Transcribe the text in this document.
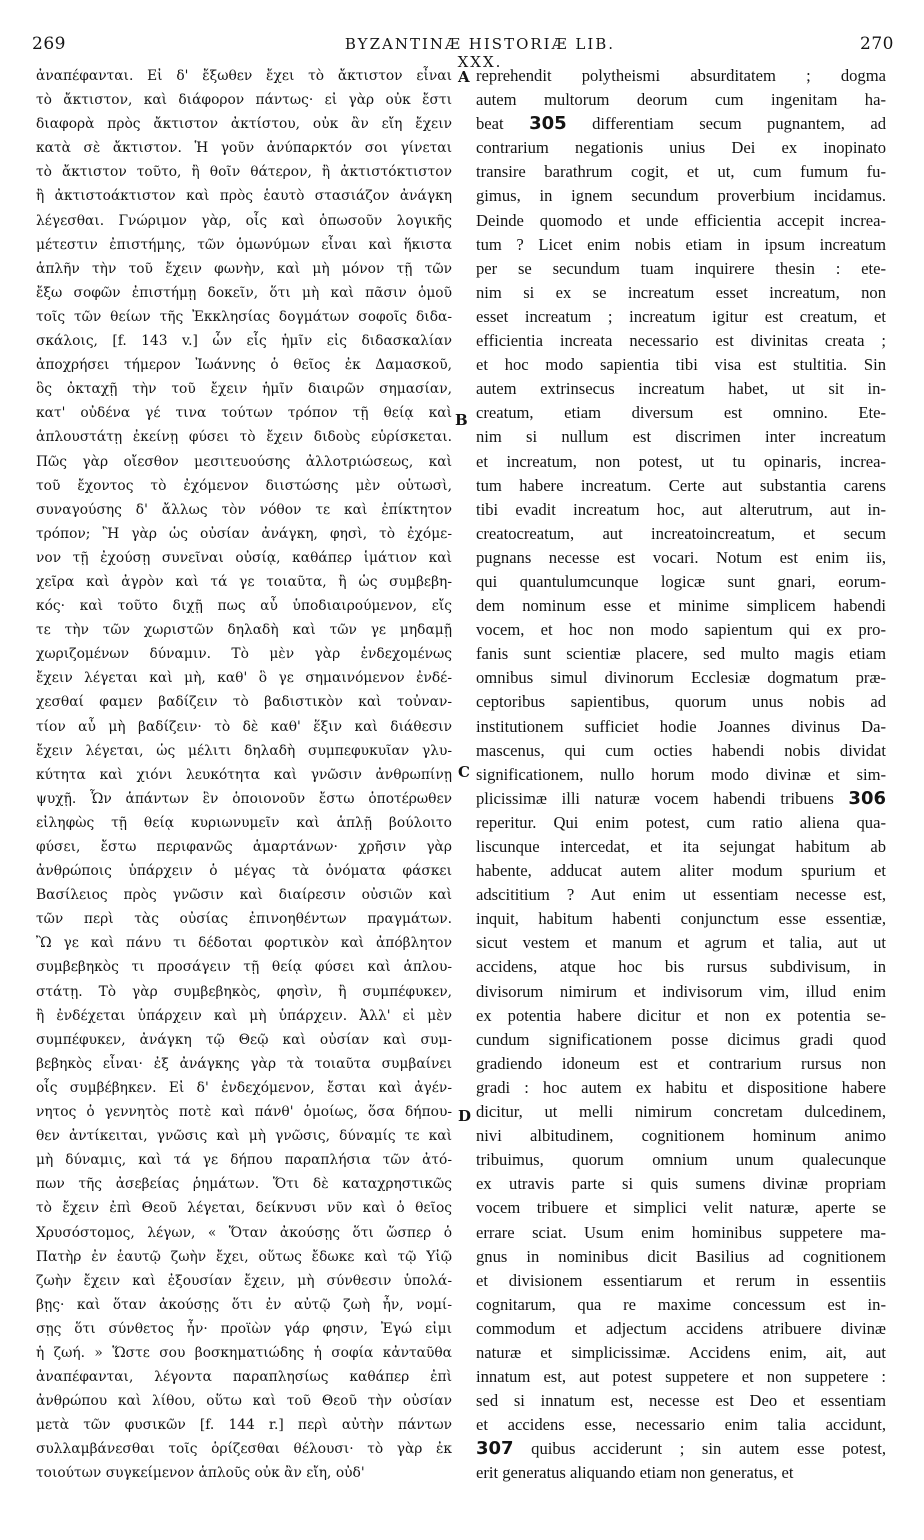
269	BYZANTINÆ HISTORIÆ LIB. XXX.
270
ἀναπέφανται. Εἰ δ' ἔξωθεν ἔχει τὸ ἄκτιστον εἶναι
τὸ ἄκτιστον, καὶ διάφορον πάντως· εἰ γὰρ οὐκ ἔστι
διαφορὰ πρὸς ἄκτιστον ἀκτίστου, οὐκ ἂν εἴη ἔχειν
κατὰ σὲ ἄκτιστον. Ἡ γοῦν ἀνύπαρκτόν σοι γίνεται
τὸ ἄκτιστον τοῦτο, ἢ θοῖν θάτερον, ἢ ἀκτιστόκτιστον
ἢ ἀκτιστοάκτιστον καὶ πρὸς ἑαυτὸ στασιάζον ἀνάγκη
λέγεσθαι. Γνώριμον γὰρ, οἷς καὶ ὁπωσοῦν λογικῆς
μέτεστιν ἐπιστήμης, τῶν ὁμωνύμων εἶναι καὶ ἥκιστα
ἁπλῆν τὴν τοῦ ἔχειν φωνὴν, καὶ μὴ μόνον τῇ τῶν
ἔξω σοφῶν ἐπιστήμῃ δοκεῖν, ὅτι μὴ καὶ πᾶσιν ὁμοῦ
τοῖς τῶν θείων τῆς Ἐκκλησίας δογμάτων σοφοῖς διδα-
σκάλοις, [f. 143 v.] ὧν εἷς ἡμῖν εἰς διδασκαλίαν
ἀποχρήσει τήμερον Ἰωάννης ὁ θεῖος ἐκ Δαμασκοῦ,
ὃς ὀκταχῇ τὴν τοῦ ἔχειν ἡμῖν διαιρῶν σημασίαν,
κατ' οὐδένα γέ τινα τούτων τρόπον τῇ θείᾳ καὶ
ἁπλουστάτῃ ἐκείνῃ φύσει τὸ ἔχειν διδοὺς εὑρίσκεται.
Πῶς γὰρ οἴεσθον μεσιτευούσης ἀλλοτριώσεως, καὶ
τοῦ ἔχοντος τὸ ἐχόμενον διιστώσης μὲν οὑτωσὶ,
συναγούσης δ' ἄλλως τὸν νόθον τε καὶ ἐπίκτητον
τρόπον; Ἢ γὰρ ὡς οὐσίαν ἀνάγκη, φησὶ, τὸ ἐχόμε-
νον τῇ ἐχούσῃ συνεῖναι οὐσίᾳ, καθάπερ ἱμάτιον καὶ
χεῖρα καὶ ἀγρὸν καὶ τά γε τοιαῦτα, ἢ ὡς συμβεβη-
κός· καὶ τοῦτο διχῇ πως αὖ ὑποδιαιρούμενον, εἴς
τε τὴν τῶν χωριστῶν δηλαδὴ καὶ τῶν γε μηδαμῇ
χωριζομένων δύναμιν. Τὸ μὲν γὰρ ἐνδεχομένως
ἔχειν λέγεται καὶ μὴ, καθ' ὃ γε σημαινόμενον ἐνδέ-
χεσθαί φαμεν βαδίζειν τὸ βαδιστικὸν καὶ τοὐναν-
τίον αὖ μὴ βαδίζειν· τὸ δὲ καθ' ἕξιν καὶ διάθεσιν
ἔχειν λέγεται, ὡς μέλιτι δηλαδὴ συμπεφυκυῖαν γλυ-
κύτητα καὶ χιόνι λευκότητα καὶ γνῶσιν ἀνθρωπίνῃ
ψυχῇ. Ὧν ἁπάντων ἓν ὁποιονοῦν ἔστω ὁποτέρωθεν
εἰληφὼς τῇ θείᾳ κυριωνυμεῖν καὶ ἁπλῇ βούλοιτο
φύσει, ἔστω περιφανῶς ἁμαρτάνων· χρῆσιν γὰρ
ἀνθρώποις ὑπάρχειν ὁ μέγας τὰ ὀνόματα φάσκει
Βασίλειος πρὸς γνῶσιν καὶ διαίρεσιν οὐσιῶν καὶ
τῶν περὶ τὰς οὐσίας ἐπινοηθέντων πραγμάτων.
Ὢ γε καὶ πάνυ τι δέδοται φορτικὸν καὶ ἀπόβλητον
συμβεβηκὸς τι προσάγειν τῇ θείᾳ φύσει καὶ ἁπλου-
στάτῃ. Τὸ γὰρ συμβεβηκὸς, φησὶν, ἢ συμπέφυκεν,
ἢ ἐνδέχεται ὑπάρχειν καὶ μὴ ὑπάρχειν. Ἀλλ' εἰ μὲν
συμπέφυκεν, ἀνάγκη τῷ Θεῷ καὶ οὐσίαν καὶ συμ-
βεβηκὸς εἶναι· ἐξ ἀνάγκης γὰρ τὰ τοιαῦτα συμβαίνει
οἷς συμβέβηκεν. Εἰ δ' ἐνδεχόμενον, ἔσται καὶ ἀγέν-
νητος ὁ γεννητὸς ποτὲ καὶ πάνθ' ὁμοίως, ὅσα δήπου-
θεν ἀντίκειται, γνῶσις καὶ μὴ γνῶσις, δύναμίς τε καὶ
μὴ δύναμις, καὶ τά γε δήπου παραπλήσια τῶν ἀτό-
πων τῆς ἀσεβείας ῥημάτων. Ὅτι δὲ καταχρηστικῶς
τὸ ἔχειν ἐπὶ Θεοῦ λέγεται, δείκνυσι νῦν καὶ ὁ θεῖος
Χρυσόστομος, λέγων, « Ὅταν ἀκούσῃς ὅτι ὥσπερ ὁ
Πατὴρ ἐν ἑαυτῷ ζωὴν ἔχει, οὕτως ἔδωκε καὶ τῷ Υἱῷ
ζωὴν ἔχειν καὶ ἐξουσίαν ἔχειν, μὴ σύνθεσιν ὑπολά-
βῃς· καὶ ὅταν ἀκούσῃς ὅτι ἐν αὐτῷ ζωὴ ἦν, νομί-
σῃς ὅτι σύνθετος ἦν· προϊὼν γάρ φησιν, Ἐγώ εἰμι
ἡ ζωή. » Ὥστε σου βοσκηματιώδης ἡ σοφία κἀνταῦθα
ἀναπέφανται, λέγοντα παραπλησίως καθάπερ ἐπὶ
ἀνθρώπου καὶ λίθου, οὕτω καὶ τοῦ Θεοῦ τὴν οὐσίαν
μετὰ τῶν φυσικῶν [f. 144 r.] περὶ αὐτὴν πάντων
συλλαμβάνεσθαι τοῖς ὁρίζεσθαι θέλουσι· τὸ γὰρ ἐκ
τοιούτων συγκείμενον ἁπλοῦς οὐκ ἂν εἴη, οὐδ'
A
B
C
D
reprehendit polytheismi absurditatem ; dogma
autem multorum deorum cum ingenitam ha-
beat 305 differentiam secum pugnantem, ad
contrarium negationis unius Dei ex inopinato
transire barathrum cogit, et ut, cum fumum fu-
gimus, in ignem secundum proverbium incidamus.
Deinde quomodo et unde efficientia accepit increa-
tum ? Licet enim nobis etiam in ipsum increatum
per se secundum tuam inquirere thesin : ete-
nim si ex se increatum esset increatum, non
esset increatum ; increatum igitur est creatum, et
efficientia increata necessario est divinitas creata ;
et hoc modo sapientia tibi visa est stultitia. Sin
autem extrinsecus increatum habet, ut sit in-
creatum, etiam diversum est omnino. Ete-
nim si nullum est discrimen inter increatum
et increatum, non potest, ut tu opinaris, increa-
tum habere increatum. Certe aut substantia carens
tibi evadit increatum hoc, aut alterutrum, aut in-
creatocreatum, aut increatoincreatum, et secum
pugnans necesse est vocari. Notum est enim iis,
qui quantulumcunque logicæ sunt gnari, eorum-
dem nominum esse et minime simplicem habendi
vocem, et hoc non modo sapientum qui ex pro-
fanis sunt scientiæ placere, sed multo magis etiam
omnibus simul divinorum Ecclesiæ dogmatum præ-
ceptoribus sapientibus, quorum unus nobis ad
institutionem sufficiet hodie Joannes divinus Da-
mascenus, qui cum octies habendi nobis dividat
significationem, nullo horum modo divinæ et sim-
plicissimæ illi naturæ vocem habendi tribuens 306
reperitur. Qui enim potest, cum ratio aliena qua-
liscunque intercedat, et ita sejungat habitum ab
habente, adducat autem aliter modum spurium et
adscititium ? Aut enim ut essentiam necesse est,
inquit, habitum habenti conjunctum esse essentiæ,
sicut vestem et manum et agrum et talia, aut ut
accidens, atque hoc bis rursus subdivisum, in
divisorum nimirum et indivisorum vim, illud enim
ex potentia habere dicitur et non ex potentia se-
cundum significationem posse dicimus gradi quod
gradiendo idoneum est et contrarium rursus non
gradi : hoc autem ex habitu et dispositione habere
dicitur, ut melli nimirum concretam dulcedinem,
nivi albitudinem, cognitionem hominum animo
tribuimus, quorum omnium unum qualecunque
ex utravis parte si quis sumens divinæ propriam
vocem tribuere et simplici velit naturæ, aperte se
errare sciat. Usum enim hominibus suppetere ma-
gnus in nominibus dicit Basilius ad cognitionem
et divisionem essentiarum et rerum in essentiis
cognitarum, qua re maxime concessum est in-
commodum et adjectum accidens atribuere divinæ
naturæ et simplicissimæ. Accidens enim, ait, aut
innatum est, aut potest suppetere et non suppetere :
sed si innatum est, necesse est Deo et essentiam
et accidens esse, necessario enim talia accidunt,
307 quibus acciderunt ; sin autem esse potest,
erit generatus aliquando etiam non generatus, et
